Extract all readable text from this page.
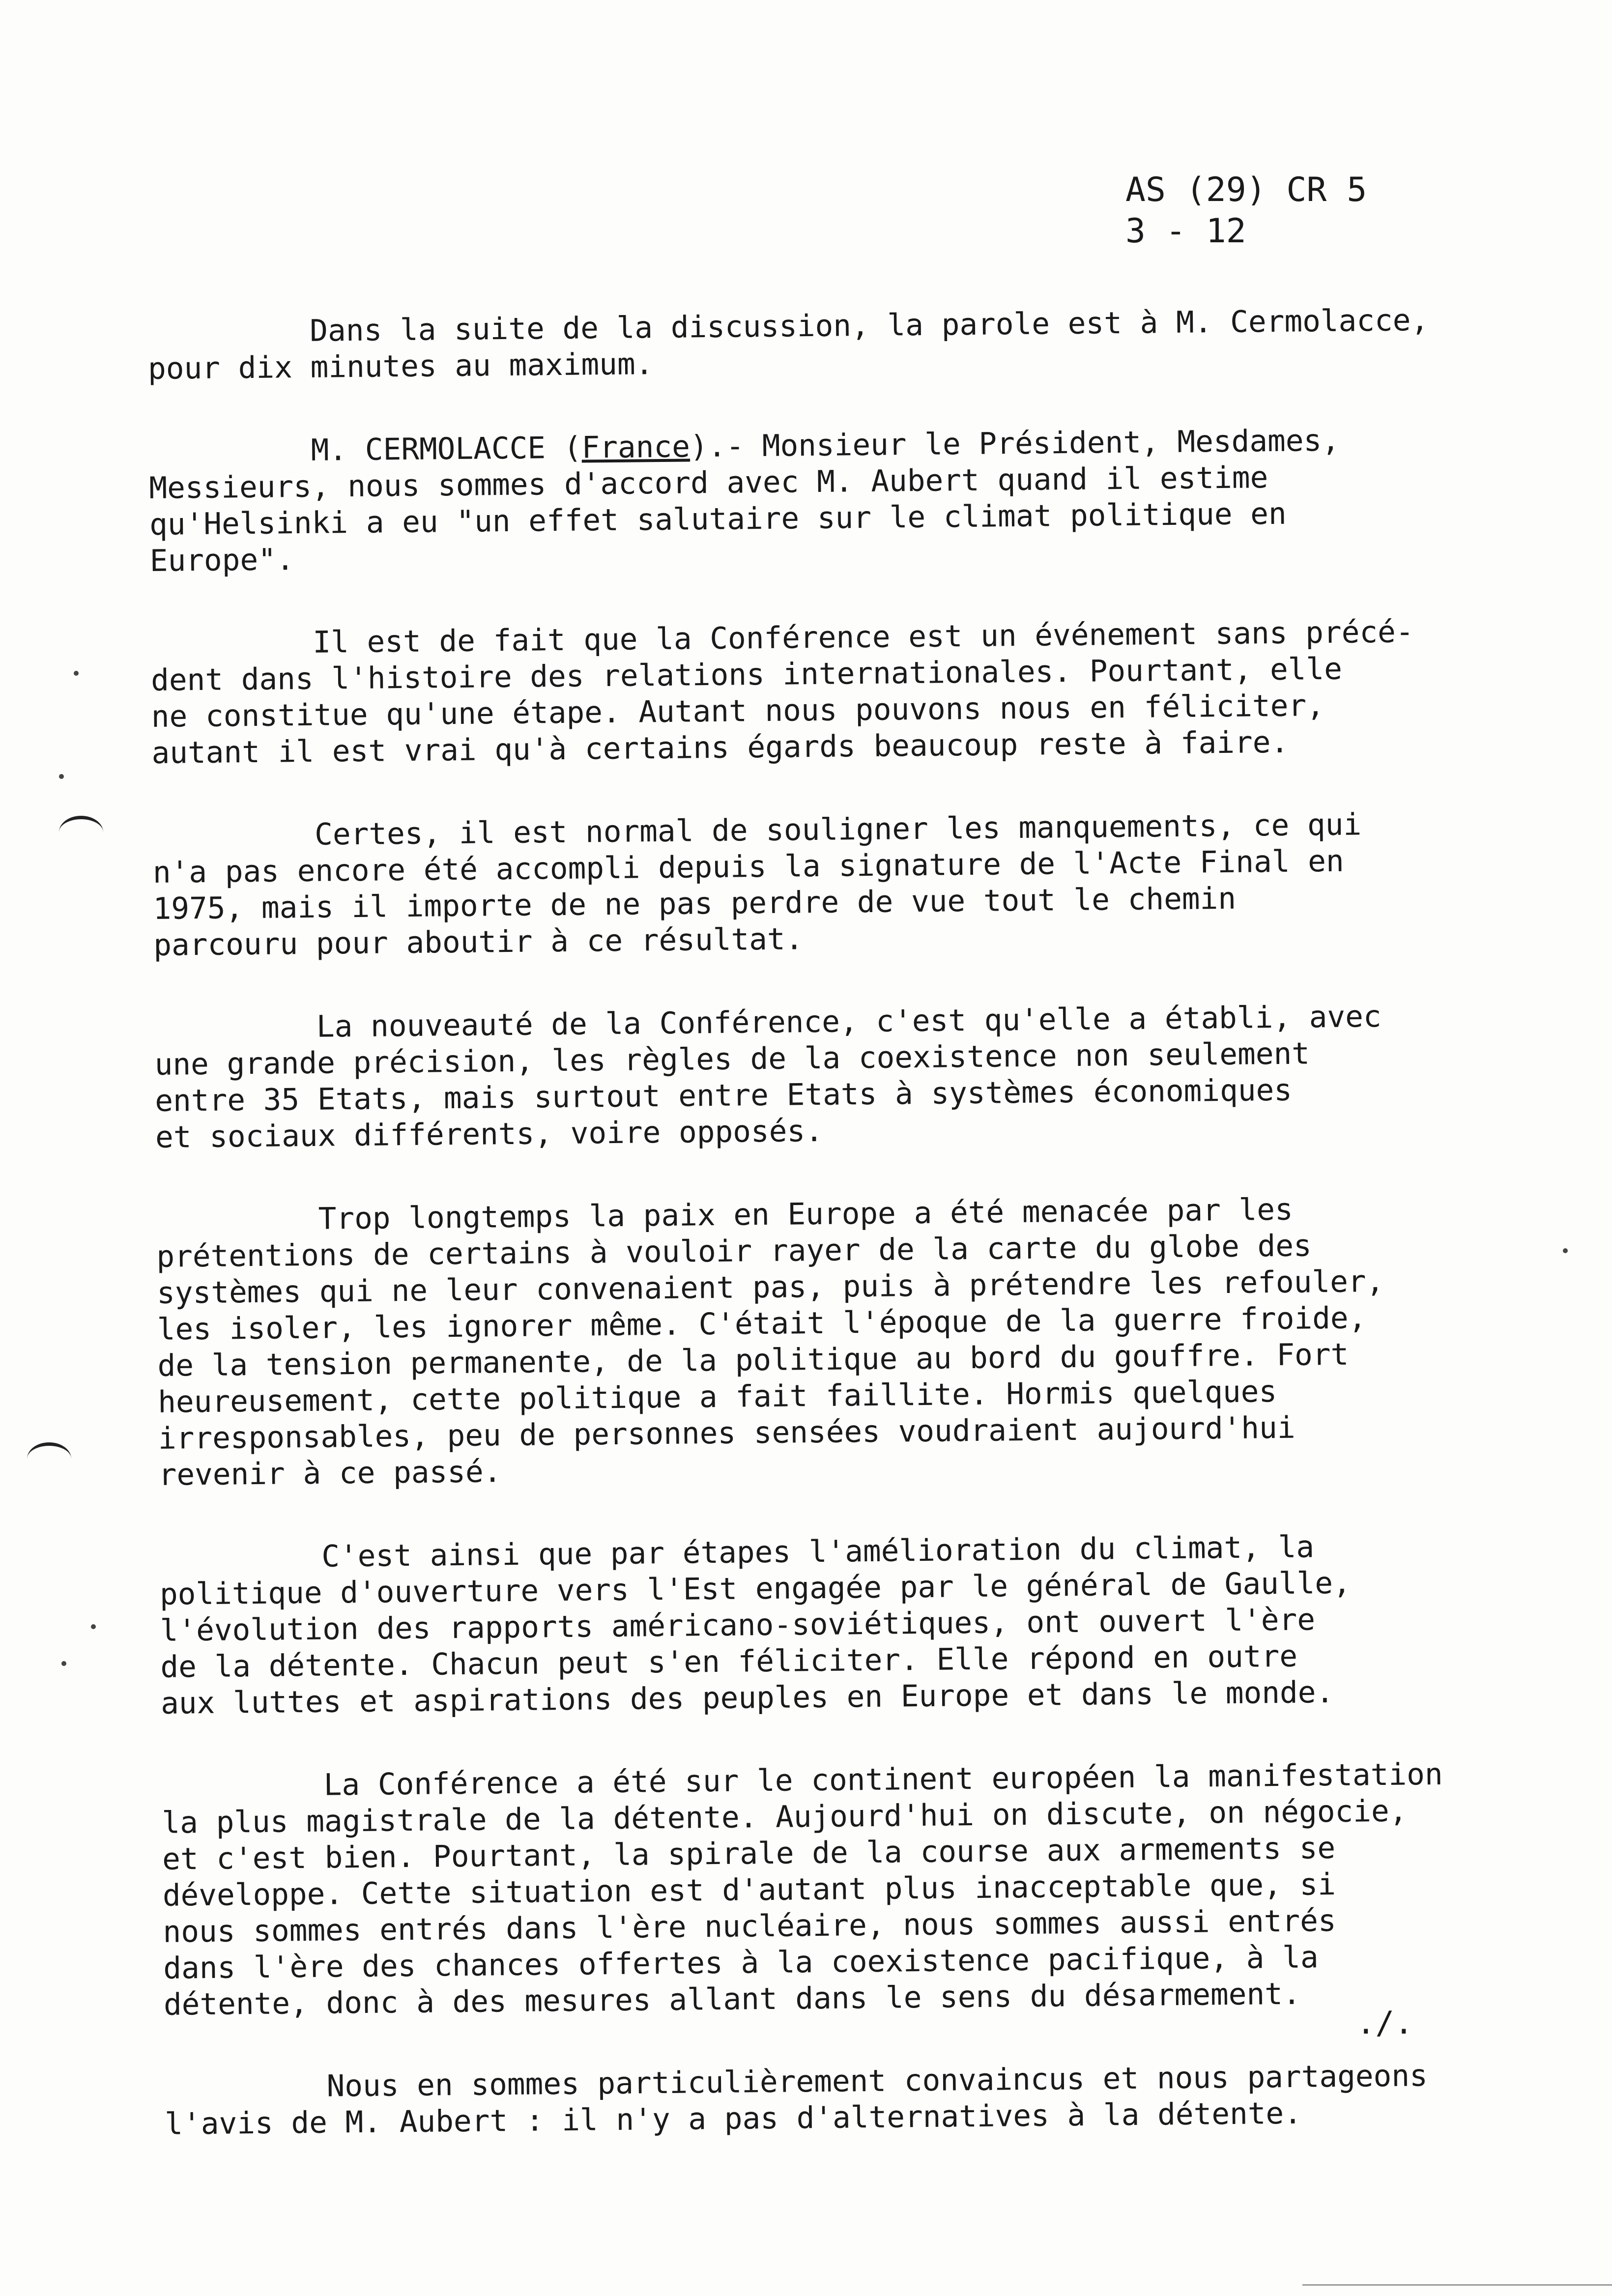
AS (29) CR 5
3 - 12
Dans la suite de la discussion, la parole est à M. Cermolacce,
pour dix minutes au maximum.
M. CERMOLACCE (France).- Monsieur le Président, Mesdames,
Messieurs, nous sommes d'accord avec M. Aubert quand il estime
qu'Helsinki a eu "un effet salutaire sur le climat politique en
Europe".
Il est de fait que la Conférence est un événement sans précé-
dent dans l'histoire des relations internationales. Pourtant, elle
ne constitue qu'une étape. Autant nous pouvons nous en féliciter,
autant il est vrai qu'à certains égards beaucoup reste à faire.
Certes, il est normal de souligner les manquements, ce qui
n'a pas encore été accompli depuis la signature de l'Acte Final en
1975, mais il importe de ne pas perdre de vue tout le chemin
parcouru pour aboutir à ce résultat.
La nouveauté de la Conférence, c'est qu'elle a établi, avec
une grande précision, les règles de la coexistence non seulement
entre 35 Etats, mais surtout entre Etats à systèmes économiques
et sociaux différents, voire opposés.
Trop longtemps la paix en Europe a été menacée par les
prétentions de certains à vouloir rayer de la carte du globe des
systèmes qui ne leur convenaient pas, puis à prétendre les refouler,
les isoler, les ignorer même. C'était l'époque de la guerre froide,
de la tension permanente, de la politique au bord du gouffre. Fort
heureusement, cette politique a fait faillite. Hormis quelques
irresponsables, peu de personnes sensées voudraient aujourd'hui
revenir à ce passé.
C'est ainsi que par étapes l'amélioration du climat, la
politique d'ouverture vers l'Est engagée par le général de Gaulle,
l'évolution des rapports américano-soviétiques, ont ouvert l'ère
de la détente. Chacun peut s'en féliciter. Elle répond en outre
aux luttes et aspirations des peuples en Europe et dans le monde.
La Conférence a été sur le continent européen la manifestation
la plus magistrale de la détente. Aujourd'hui on discute, on négocie,
et c'est bien. Pourtant, la spirale de la course aux armements se
développe. Cette situation est d'autant plus inacceptable que, si
nous sommes entrés dans l'ère nucléaire, nous sommes aussi entrés
dans l'ère des chances offertes à la coexistence pacifique, à la
détente, donc à des mesures allant dans le sens du désarmement.
Nous en sommes particulièrement convaincus et nous partageons
l'avis de M. Aubert : il n'y a pas d'alternatives à la détente.
./.
